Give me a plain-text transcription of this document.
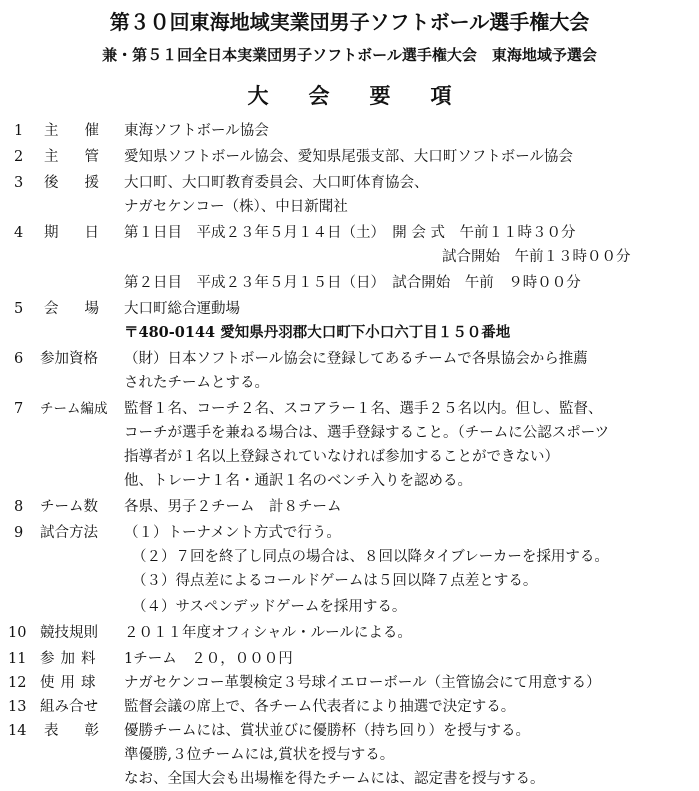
第３０回東海地域実業団男子ソフトボール選手権大会
兼・第５１回全日本実業団男子ソフトボール選手権大会　東海地域予選会
大会要項
1 主催 東海ソフトボール協会
2 主管 愛知県ソフトボール協会、愛知県尾張支部、大口町ソフトボール協会
3 後援 大口町、大口町教育委員会、大口町体育協会、
ナガセケンコー（株）、中日新聞社
4 期日 第１日目　平成２３年５月１４日（土）　開 会 式　午前１１時３０分
試合開始　午前１３時００分
第２日目　平成２３年５月１５日（日）　試合開始　午前　９時００分
5 会場 大口町総合運動場
〒480-0144 愛知県丹羽郡大口町下小口六丁目１５０番地
6 参加資格 （財）日本ソフトボール協会に登録してあるチームで各県協会から推薦
されたチームとする。
7 チーム編成 監督１名、コーチ２名、スコアラー１名、選手２５名以内。但し、監督、
コーチが選手を兼ねる場合は、選手登録すること。（チームに公認スポーツ
指導者が１名以上登録されていなければ参加することができない）
他、トレーナ１名・通訳１名のベンチ入りを認める。
8 チーム数 各県、男子２チーム　計８チーム
9 試合方法 （１）トーナメント方式で行う。
（２）７回を終了し同点の場合は、８回以降タイブレーカーを採用する。
（３）得点差によるコールドゲームは５回以降７点差とする。
（４）サスペンデッドゲームを採用する。
10 競技規則 ２０１１年度オフィシャル・ルールによる。
11 参加料 1チーム　２０，０００円
12 使用球 ナガセケンコー革製検定３号球イエローボール（主管協会にて用意する）
13 組み合せ 監督会議の席上で、各チーム代表者により抽選で決定する。
14 表彰 優勝チームには、賞状並びに優勝杯（持ち回り）を授与する。
準優勝,３位チームには,賞状を授与する。
なお、全国大会も出場権を得たチームには、認定書を授与する。
